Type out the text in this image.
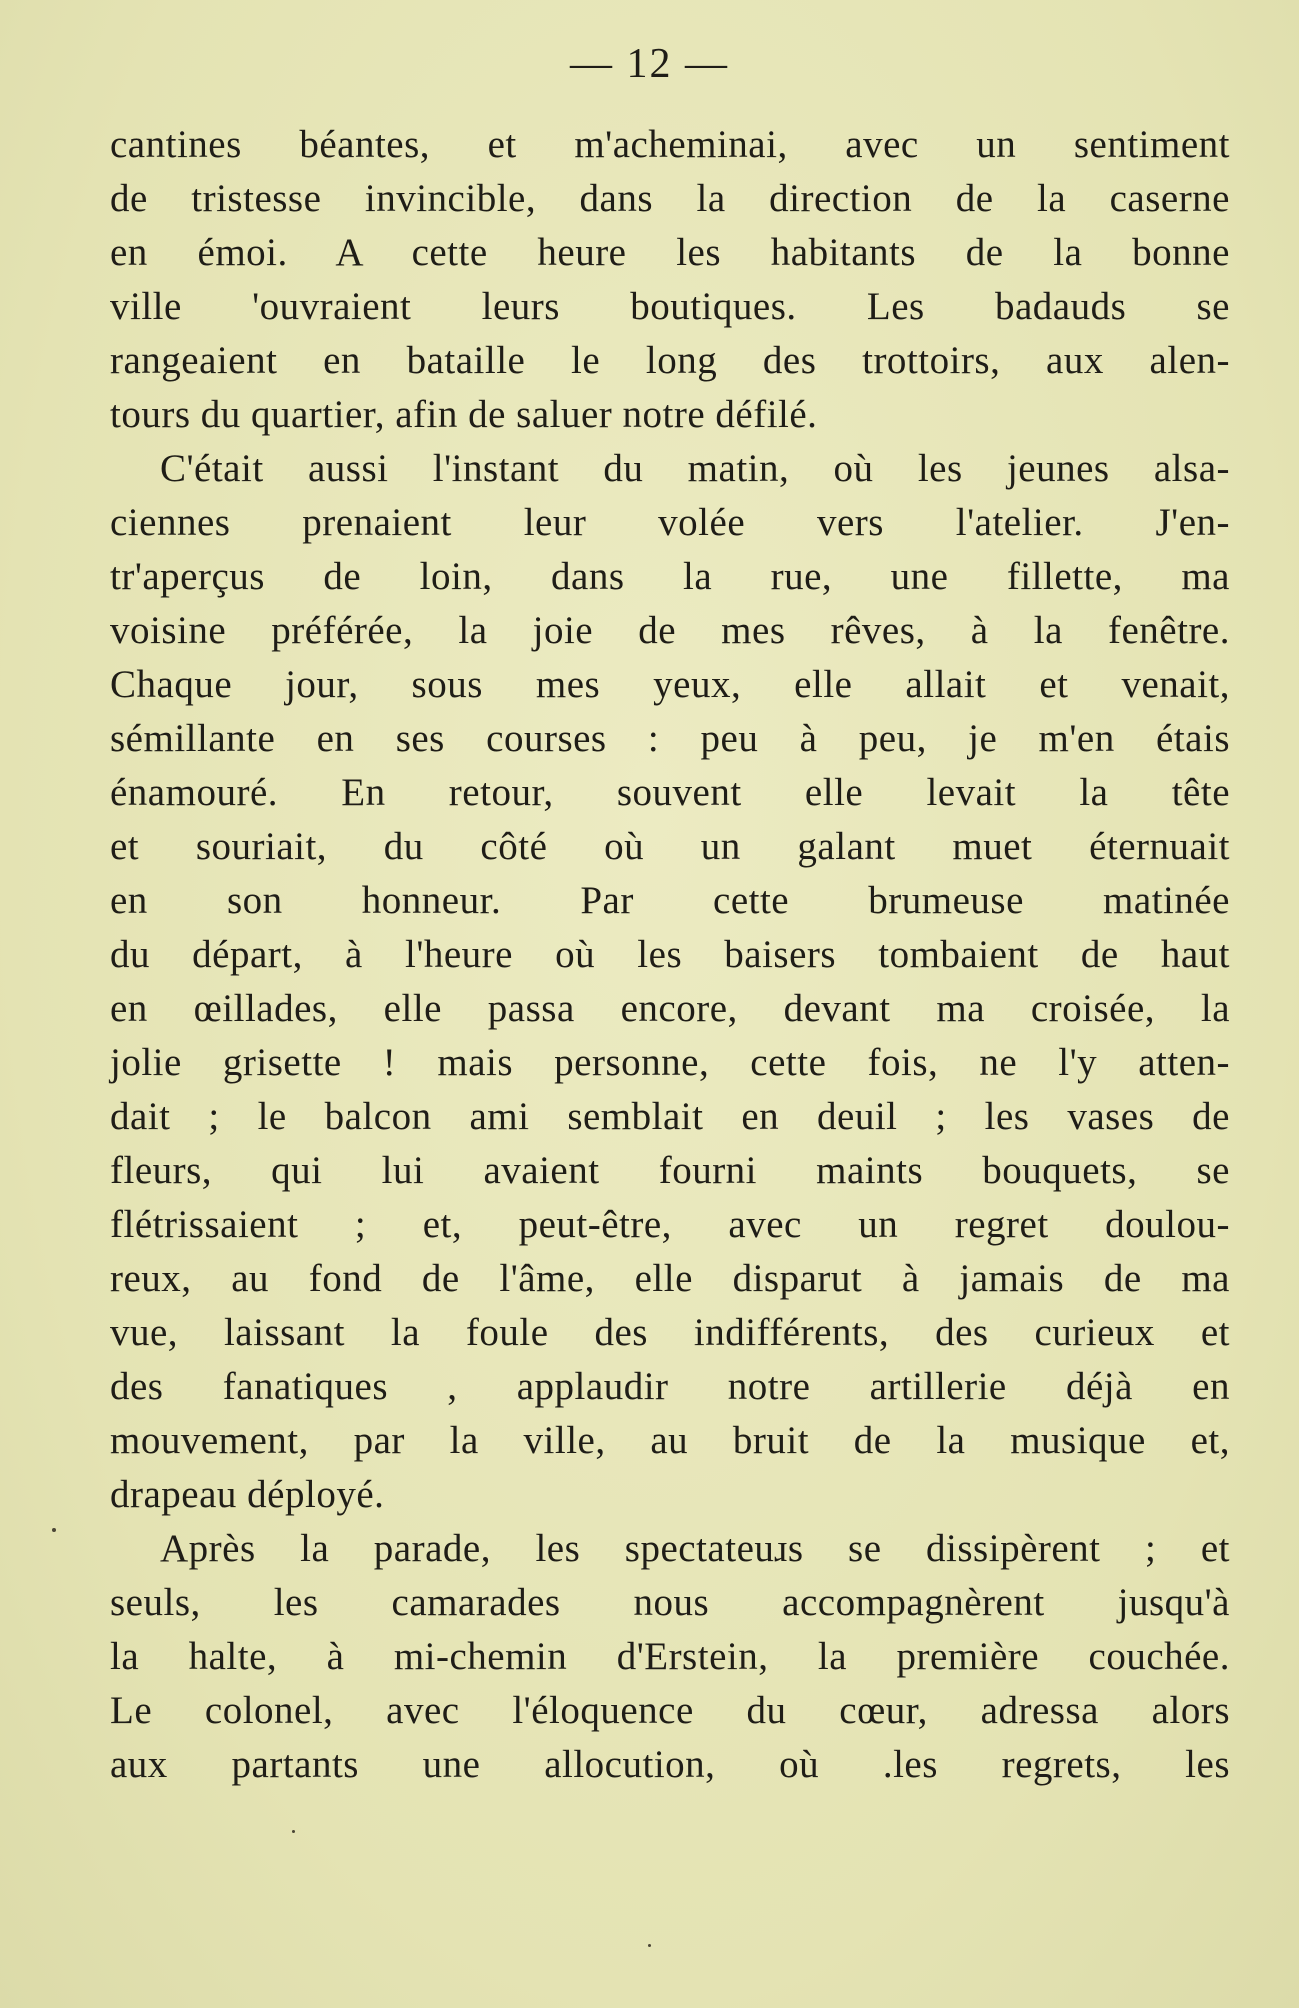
— 12 —
cantines béantes, et m'acheminai, avec un sentiment
de tristesse invincible, dans la direction de la caserne
en émoi. A cette heure les habitants de la bonne
ville 'ouvraient leurs boutiques. Les badauds se
rangeaient en bataille le long des trottoirs, aux alen-
tours du quartier, afin de saluer notre défilé.
C'était aussi l'instant du matin, où les jeunes alsa-
ciennes prenaient leur volée vers l'atelier. J'en-
tr'aperçus de loin, dans la rue, une fillette, ma
voisine préférée, la joie de mes rêves, à la fenêtre.
Chaque jour, sous mes yeux, elle allait et venait,
sémillante en ses courses : peu à peu, je m'en étais
énamouré. En retour, souvent elle levait la tête
et souriait, du côté où un galant muet éternuait
en son honneur. Par cette brumeuse matinée
du départ, à l'heure où les baisers tombaient de haut
en œillades, elle passa encore, devant ma croisée, la
jolie grisette ! mais personne, cette fois, ne l'y atten-
dait ; le balcon ami semblait en deuil ; les vases de
fleurs, qui lui avaient fourni maints bouquets, se
flétrissaient ; et, peut-être, avec un regret doulou-
reux, au fond de l'âme, elle disparut à jamais de ma
vue, laissant la foule des indifférents, des curieux et
des fanatiques , applaudir notre artillerie déjà en
mouvement, par la ville, au bruit de la musique et,
drapeau déployé.
Après la parade, les spectateuɹs se dissipèrent ; et
seuls, les camarades nous accompagnèrent jusqu'à
la halte, à mi-chemin d'Erstein, la première couchée.
Le colonel, avec l'éloquence du cœur, adressa alors
aux partants une allocution, où .les regrets, les
